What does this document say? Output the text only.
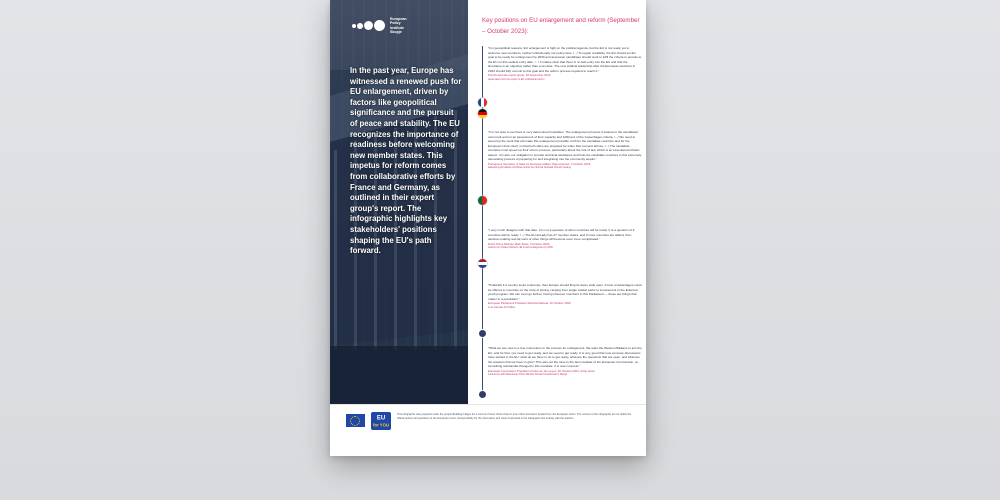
European
Policy
Institute
Skopje
In the past year, Europe has witnessed a renewed push for EU enlargement, driven by factors like geopolitical significance and the pursuit of peace and stability. The EU recognizes the importance of readiness before welcoming new member states. This impetus for reform comes from collaborative efforts by France and Germany, as outlined in their expert group's report. The infographic highlights key stakeholders' positions shaping the EU's path forward.
Key positions on EU enlargement and reform (September – October 2023):
"For geopolitical reasons, EU enlargement is high on the political agenda, but the EU is not ready yet to welcome new members, neither institutionally nor policy-wise. /.../ To regain credibility, the EU should set the goal to be ready for enlargement by 2030 and accession candidates should work to fulfil the criteria to accede to the EU on this earliest entry date. /.../ It makes clear that there is no fast-entry into the EU and that the timeframe is an objective rather than a set date. The new political leadership after the European elections in 2024 should fully commit to this goal and the reform process required to reach it."
French-German expert group, 18 September 2023,
quote taken from the report on EU institutional reform
"It is not wise to set fixed or very determined timetables. The enlargement process is based on the candidates' own merit and on an assessment of their capacity and fulfilment of the Copenhagen criteria. /.../ We need to speed up the work that will make this enlargement possible, both for the candidate countries and for the European Union itself, so that both sides are prepared for when that moment arrives. /.../ The candidate countries must speed up their reform process, particularly about the rule of law, which is an essential and basic aspect. It is also our obligation to provide technical assistance and help the candidate countries in this extremely demanding process of preparing for and integrating into the community acquis."
Portuguese Secretary of State for European Affairs Tiago Antunes, 3 October 2023,
addressing EU affairs committee before the informal Granada Council meeting
"I very much disagree with that date. It is not a question of when countries will be ready. It is a question of if countries will be ready. /.../ The EU already has 27 member states, and if more countries are added, then decision-making and all sorts of other things will become even more complicated."
Dutch Prime Minister Mark Rutte, 6 October 2023,
reaction on Charles Michel's call for EU enlargement by 2030
"Politically if a country looks to Europe, then Europe should fling its doors wide open. A host of advantages could be offered to countries on the cusp of joining, ranging from single market perks to involvement in the Erasmus youth program. We can even go further, having observer members in this Parliament — these are things that matter to a population."
European Parliament President Roberta Metsola, 20 October 2023,
in an interview for Politico
"What we see now is a true momentum in the process for enlargement. We want the Western Balkans to join the EU, and for that, you need to get ready, and we need to get ready. It is very good that now concrete discussions have started in the EU: what do we have to do to get ready, what are the questions that are open, and what are the answers that we have to give? This was not the case in the last mandate of the European Commission, so something substantial changed in this mandate. It is now concrete."
European Commission President Ursula von der Leyen, 30 October 2023, at the press
conference with Macedonian Prime Minister Dimitar Kovachevski in Skopje
EU
for YOU
This infographic was prepared under the project Building bridges for a common future: Role of law in time of EU accession funded from the European Union. The content of the infographic do not reflect the official opinion and positions of the European Union. Responsibility for the information and views expressed in the infographic lies entirely with the authors.
